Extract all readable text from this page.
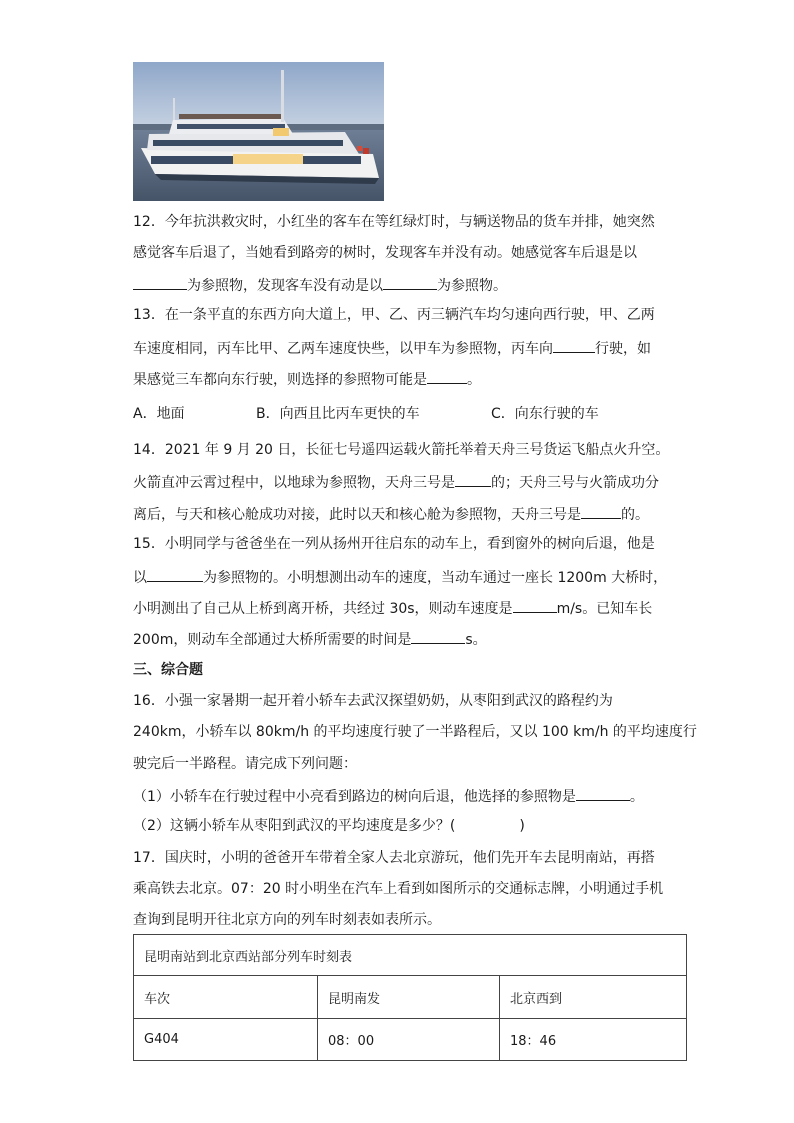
12．今年抗洪救灾时，小红坐的客车在等红绿灯时，与辆送物品的货车并排，她突然
感觉客车后退了，当她看到路旁的树时，发现客车并没有动。她感觉客车后退是以
为参照物，发现客车没有动是以	为参照物。
13．在一条平直的东西方向大道上，甲、乙、丙三辆汽车均匀速向西行驶，甲、乙两
车速度相同，丙车比甲、乙两车速度快些，以甲车为参照物，丙车向	行驶，如
果感觉三车都向东行驶，则选择的参照物可能是	。
A．地面	B．向西且比丙车更快的车	C．向东行驶的车
14．2021 年 9 月 20 日，长征七号遥四运载火箭托举着天舟三号货运飞船点火升空。
火箭直冲云霄过程中，以地球为参照物，天舟三号是	的；天舟三号与火箭成功分
离后，与天和核心舱成功对接，此时以天和核心舱为参照物，天舟三号是	的。
15．小明同学与爸爸坐在一列从扬州开往启东的动车上，看到窗外的树向后退，他是
以	为参照物的。小明想测出动车的速度，当动车通过一座长 1200m 大桥时，
小明测出了自己从上桥到离开桥，共经过 30s，则动车速度是	m/s。已知车长
200m，则动车全部通过大桥所需要的时间是	s。
三、综合题
16．小强一家暑期一起开着小轿车去武汉探望奶奶，从枣阳到武汉的路程约为
240km，小轿车以 80km/h 的平均速度行驶了一半路程后，又以 100 km/h 的平均速度行
驶完后一半路程。请完成下列问题：
（1）小轿车在行驶过程中小亮看到路边的树向后退，他选择的参照物是	。
（2）这辆小轿车从枣阳到武汉的平均速度是多少？(	)
17．国庆时，小明的爸爸开车带着全家人去北京游玩，他们先开车去昆明南站，再搭
乘高铁去北京。07：20 时小明坐在汽车上看到如图所示的交通标志牌，小明通过手机
查询到昆明开往北京方向的列车时刻表如表所示。
昆明南站到北京西站部分列车时刻表		
车次	昆明南发	北京西到
G404	08：00	18：46
